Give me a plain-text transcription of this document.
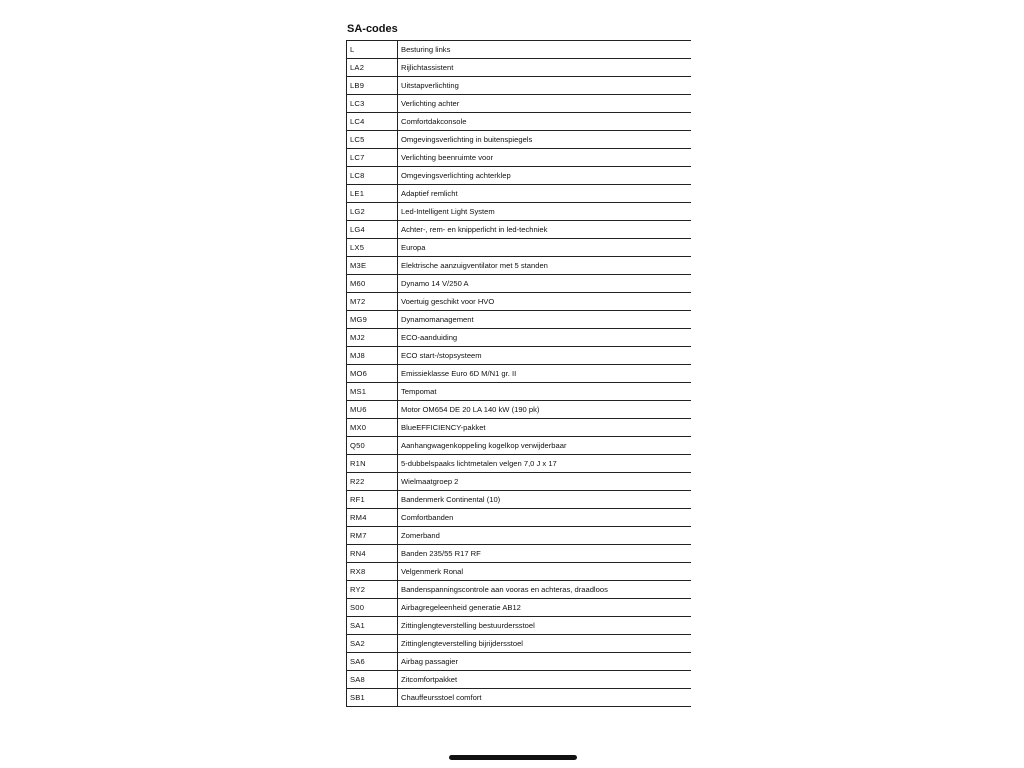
SA-codes
L	Besturing links
LA2	Rijlichtassistent
LB9	Uitstapverlichting
LC3	Verlichting achter
LC4	Comfortdakconsole
LC5	Omgevingsverlichting in buitenspiegels
LC7	Verlichting beenruimte voor
LC8	Omgevingsverlichting achterklep
LE1	Adaptief remlicht
LG2	Led-Intelligent Light System
LG4	Achter-, rem- en knipperlicht in led-techniek
LX5	Europa
M3E	Elektrische aanzuigventilator met 5 standen
M60	Dynamo 14 V/250 A
M72	Voertuig geschikt voor HVO
MG9	Dynamomanagement
MJ2	ECO-aanduiding
MJ8	ECO start-/stopsysteem
MO6	Emissieklasse Euro 6D M/N1 gr. II
MS1	Tempomat
MU6	Motor OM654 DE 20 LA 140 kW (190 pk)
MX0	BlueEFFICIENCY-pakket
Q50	Aanhangwagenkoppeling kogelkop verwijderbaar
R1N	5-dubbelspaaks lichtmetalen velgen 7,0 J x 17
R22	Wielmaatgroep 2
RF1	Bandenmerk Continental (10)
RM4	Comfortbanden
RM7	Zomerband
RN4	Banden 235/55 R17 RF
RX8	Velgenmerk Ronal
RY2	Bandenspanningscontrole aan vooras en achteras, draadloos
S00	Airbagregeleenheid generatie AB12
SA1	Zittinglengteverstelling bestuurdersstoel
SA2	Zittinglengteverstelling bijrijdersstoel
SA6	Airbag passagier
SA8	Zitcomfortpakket
SB1	Chauffeursstoel comfort
